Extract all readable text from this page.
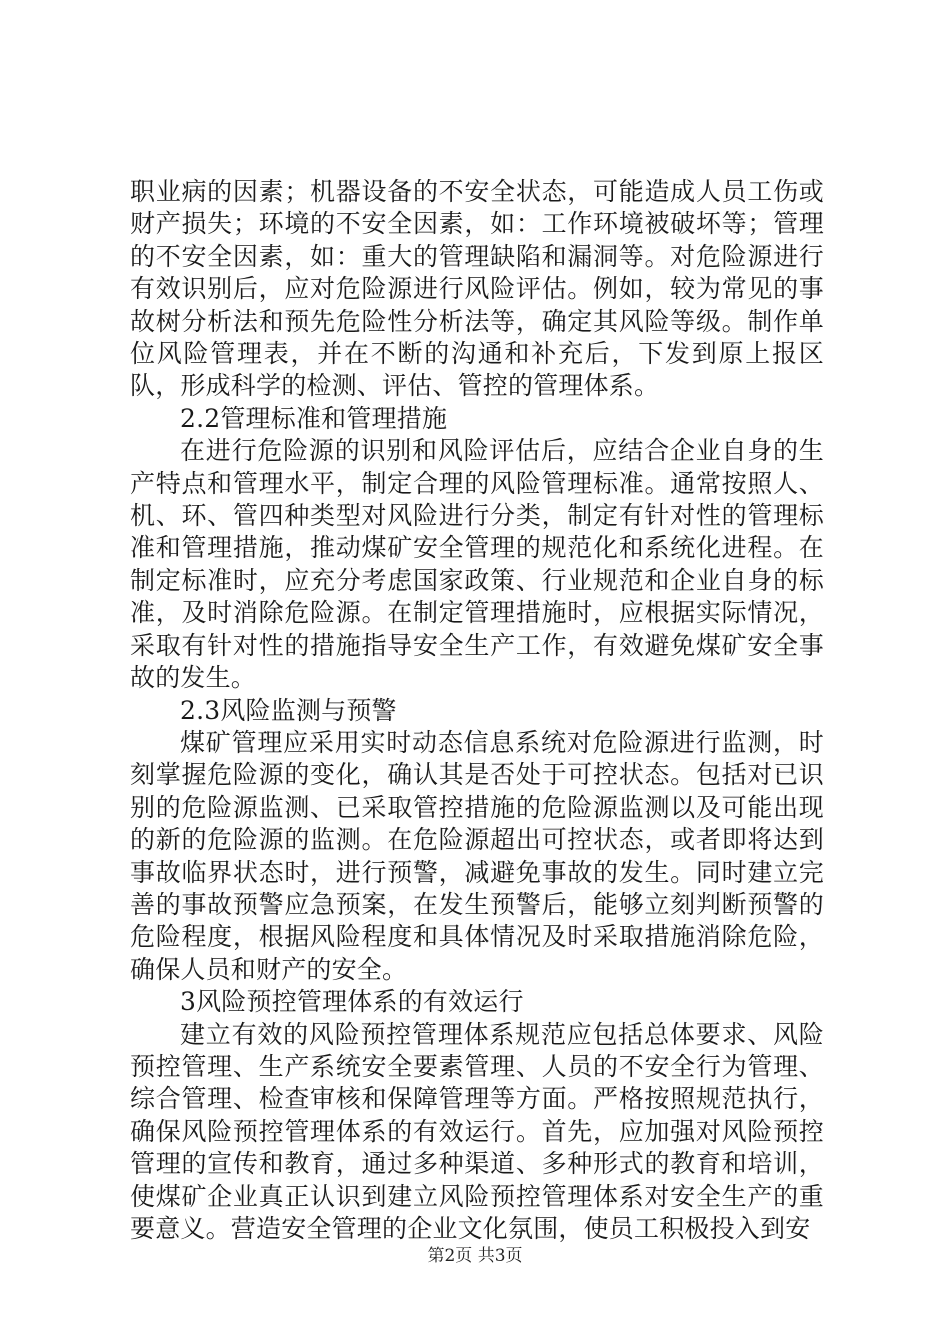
职业病的因素；机器设备的不安全状态，可能造成人员工伤或财产损失；环境的不安全因素，如：工作环境被破坏等；管理的不安全因素，如：重大的管理缺陷和漏洞等。对危险源进行有效识别后，应对危险源进行风险评估。例如，较为常见的事故树分析法和预先危险性分析法等，确定其风险等级。制作单位风险管理表，并在不断的沟通和补充后，下发到原上报区队，形成科学的检测、评估、管控的管理体系。

2.2管理标准和管理措施

在进行危险源的识别和风险评估后，应结合企业自身的生产特点和管理水平，制定合理的风险管理标准。通常按照人、机、环、管四种类型对风险进行分类，制定有针对性的管理标准和管理措施，推动煤矿安全管理的规范化和系统化进程。在制定标准时，应充分考虑国家政策、行业规范和企业自身的标准，及时消除危险源。在制定管理措施时，应根据实际情况，采取有针对性的措施指导安全生产工作，有效避免煤矿安全事故的发生。

2.3风险监测与预警

煤矿管理应采用实时动态信息系统对危险源进行监测，时刻掌握危险源的变化，确认其是否处于可控状态。包括对已识别的危险源监测、已采取管控措施的危险源监测以及可能出现的新的危险源的监测。在危险源超出可控状态，或者即将达到事故临界状态时，进行预警，减避免事故的发生。同时建立完善的事故预警应急预案，在发生预警后，能够立刻判断预警的危险程度，根据风险程度和具体情况及时采取措施消除危险，确保人员和财产的安全。

3风险预控管理体系的有效运行

建立有效的风险预控管理体系规范应包括总体要求、风险预控管理、生产系统安全要素管理、人员的不安全行为管理、综合管理、检查审核和保障管理等方面。严格按照规范执行，确保风险预控管理体系的有效运行。首先，应加强对风险预控管理的宣传和教育，通过多种渠道、多种形式的教育和培训，使煤矿企业真正认识到建立风险预控管理体系对安全生产的重要意义。营造安全管理的企业文化氛围，使员工积极投入到安

第2页 共3页
